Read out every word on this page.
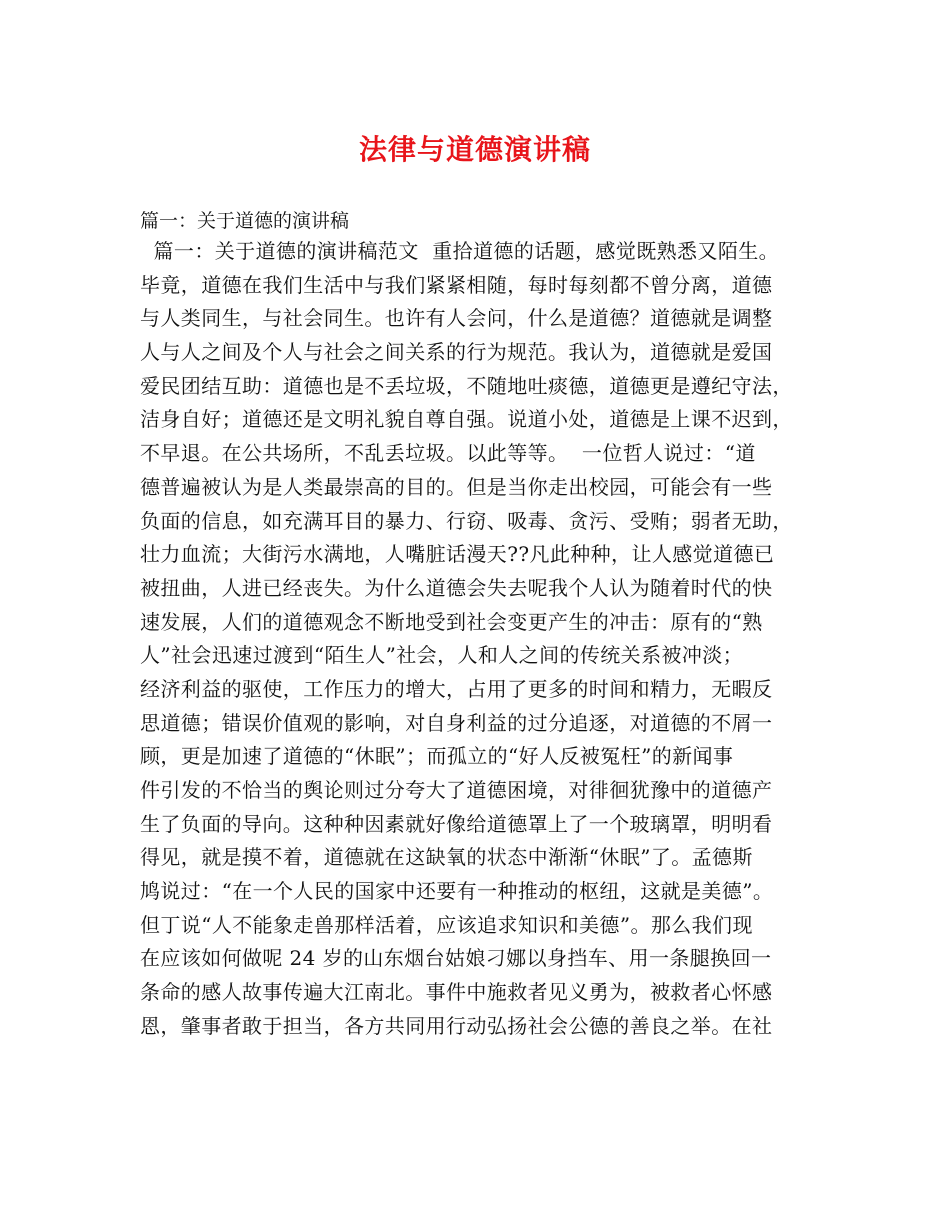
法律与道德演讲稿
篇一：关于道德的演讲稿
篇一：关于道德的演讲稿范文  重拾道德的话题，感觉既熟悉又陌生。
毕竟，道德在我们生活中与我们紧紧相随，每时每刻都不曾分离，道德
与人类同生，与社会同生。也许有人会问，什么是道德？道德就是调整
人与人之间及个人与社会之间关系的行为规范。我认为，道德就是爱国
爱民团结互助：道德也是不丢垃圾，不随地吐痰德，道德更是遵纪守法，
洁身自好；道德还是文明礼貌自尊自强。说道小处，道德是上课不迟到，
不早退。在公共场所，不乱丢垃圾。以此等等。  一位哲人说过：“道
德普遍被认为是人类最崇高的目的。但是当你走出校园，可能会有一些
负面的信息，如充满耳目的暴力、行窃、吸毒、贪污、受贿；弱者无助，
壮力血流；大街污水满地，人嘴脏话漫天??凡此种种，让人感觉道德已
被扭曲，人进已经丧失。为什么道德会失去呢我个人认为随着时代的快
速发展，人们的道德观念不断地受到社会变更产生的冲击：原有的“熟
人”社会迅速过渡到“陌生人”社会，人和人之间的传统关系被冲淡；
经济利益的驱使，工作压力的增大，占用了更多的时间和精力，无暇反
思道德；错误价值观的影响，对自身利益的过分追逐，对道德的不屑一
顾，更是加速了道德的“休眠”；而孤立的“好人反被冤枉”的新闻事
件引发的不恰当的舆论则过分夸大了道德困境，对徘徊犹豫中的道德产
生了负面的导向。这种种因素就好像给道德罩上了一个玻璃罩，明明看
得见，就是摸不着，道德就在这缺氧的状态中渐渐“休眠”了。孟德斯
鸠说过：“在一个人民的国家中还要有一种推动的枢纽，这就是美德”。
但丁说“人不能象走兽那样活着，应该追求知识和美德”。那么我们现
在应该如何做呢 24 岁的山东烟台姑娘刁娜以身挡车、用一条腿换回一
条命的感人故事传遍大江南北。事件中施救者见义勇为，被救者心怀感
恩，肇事者敢于担当，各方共同用行动弘扬社会公德的善良之举。在社
